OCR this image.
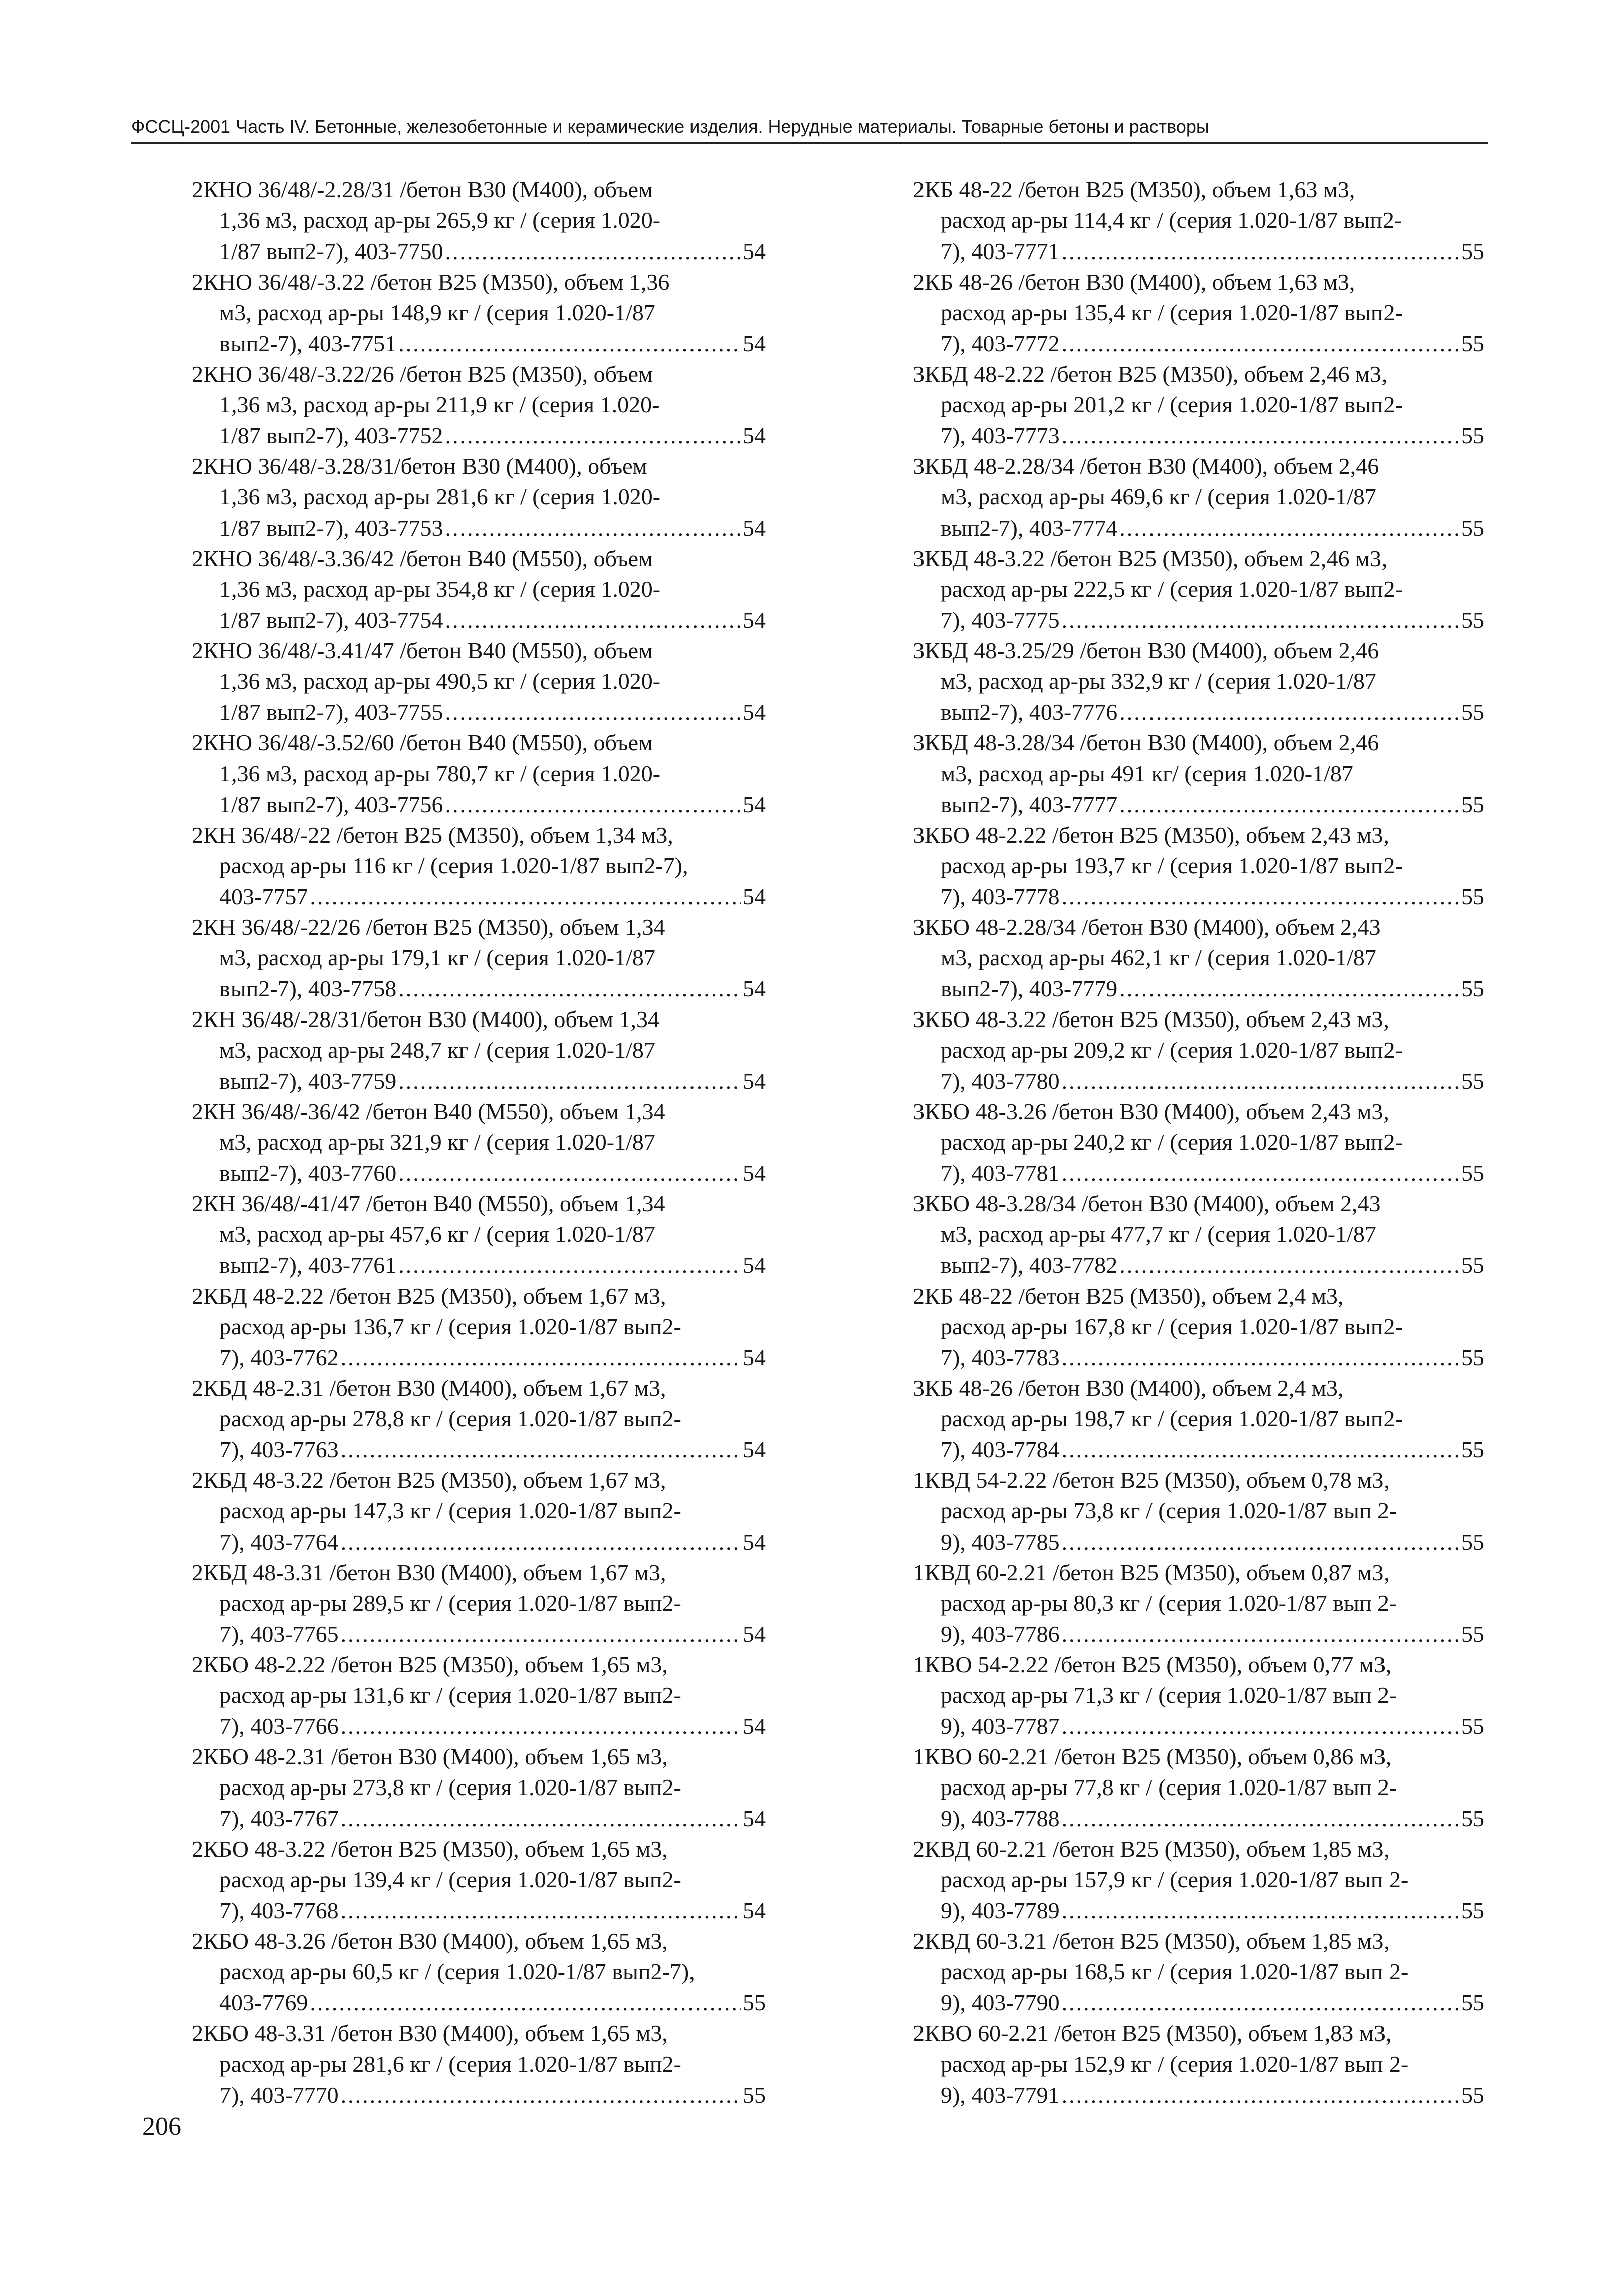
ФССЦ-2001 Часть IV. Бетонные, железобетонные и керамические изделия. Нерудные материалы. Товарные бетоны и растворы
2КНО 36/48/-2.28/31 /бетон В30 (М400), объем
1,36 м3, расход ар-ры 265,9 кг / (серия 1.020-
1/87 вып2-7), 403-7750 .....	54
2КНО 36/48/-3.22 /бетон В25 (М350), объем 1,36
м3, расход ар-ры 148,9 кг / (серия 1.020-1/87
вып2-7), 403-7751 .....	54
2КНО 36/48/-3.22/26 /бетон В25 (М350), объем
1,36 м3, расход ар-ры 211,9 кг / (серия 1.020-
1/87 вып2-7), 403-7752 .....	54
2КНО 36/48/-3.28/31/бетон В30 (М400), объем
1,36 м3, расход ар-ры 281,6 кг / (серия 1.020-
1/87 вып2-7), 403-7753 .....	54
2КНО 36/48/-3.36/42 /бетон В40 (М550), объем
1,36 м3, расход ар-ры 354,8 кг / (серия 1.020-
1/87 вып2-7), 403-7754 .....	54
2КНО 36/48/-3.41/47 /бетон В40 (М550), объем
1,36 м3, расход ар-ры 490,5 кг / (серия 1.020-
1/87 вып2-7), 403-7755 .....	54
2КНО 36/48/-3.52/60 /бетон В40 (М550), объем
1,36 м3, расход ар-ры 780,7 кг / (серия 1.020-
1/87 вып2-7), 403-7756 .....	54
2КН 36/48/-22 /бетон В25 (М350), объем 1,34 м3,
расход ар-ры 116 кг / (серия 1.020-1/87 вып2-7),
403-7757 .....	54
2КН 36/48/-22/26 /бетон В25 (М350), объем 1,34
м3, расход ар-ры 179,1 кг / (серия 1.020-1/87
вып2-7), 403-7758 .....	54
2КН 36/48/-28/31/бетон В30 (М400), объем 1,34
м3, расход ар-ры 248,7 кг / (серия 1.020-1/87
вып2-7), 403-7759 .....	54
2КН 36/48/-36/42 /бетон В40 (М550), объем 1,34
м3, расход ар-ры 321,9 кг / (серия 1.020-1/87
вып2-7), 403-7760 .....	54
2КН 36/48/-41/47 /бетон В40 (М550), объем 1,34
м3, расход ар-ры 457,6 кг / (серия 1.020-1/87
вып2-7), 403-7761 .....	54
2КБД 48-2.22 /бетон В25 (М350), объем 1,67 м3,
расход ар-ры 136,7 кг / (серия 1.020-1/87 вып2-
7), 403-7762 .....	54
2КБД 48-2.31 /бетон В30 (М400), объем 1,67 м3,
расход ар-ры 278,8 кг / (серия 1.020-1/87 вып2-
7), 403-7763 .....	54
2КБД 48-3.22 /бетон В25 (М350), объем 1,67 м3,
расход ар-ры 147,3 кг / (серия 1.020-1/87 вып2-
7), 403-7764 .....	54
2КБД 48-3.31 /бетон В30 (М400), объем 1,67 м3,
расход ар-ры 289,5 кг / (серия 1.020-1/87 вып2-
7), 403-7765 .....	54
2КБО 48-2.22 /бетон В25 (М350), объем 1,65 м3,
расход ар-ры 131,6 кг / (серия 1.020-1/87 вып2-
7), 403-7766 .....	54
2КБО 48-2.31 /бетон В30 (М400), объем 1,65 м3,
расход ар-ры 273,8 кг / (серия 1.020-1/87 вып2-
7), 403-7767 .....	54
2КБО 48-3.22 /бетон В25 (М350), объем 1,65 м3,
расход ар-ры 139,4 кг / (серия 1.020-1/87 вып2-
7), 403-7768 .....	54
2КБО 48-3.26 /бетон В30 (М400), объем 1,65 м3,
расход ар-ры 60,5 кг / (серия 1.020-1/87 вып2-7),
403-7769 .....	55
2КБО 48-3.31 /бетон В30 (М400), объем 1,65 м3,
расход ар-ры 281,6 кг / (серия 1.020-1/87 вып2-
7), 403-7770 .....	55
2КБ 48-22 /бетон В25 (М350), объем 1,63 м3,
расход ар-ры 114,4 кг / (серия 1.020-1/87 вып2-
7), 403-7771 .....	55
2КБ 48-26 /бетон В30 (М400), объем 1,63 м3,
расход ар-ры 135,4 кг / (серия 1.020-1/87 вып2-
7), 403-7772 .....	55
3КБД 48-2.22 /бетон В25 (М350), объем 2,46 м3,
расход ар-ры 201,2 кг / (серия 1.020-1/87 вып2-
7), 403-7773 .....	55
3КБД 48-2.28/34 /бетон В30 (М400), объем 2,46
м3, расход ар-ры 469,6 кг / (серия 1.020-1/87
вып2-7), 403-7774 .....	55
3КБД 48-3.22 /бетон В25 (М350), объем 2,46 м3,
расход ар-ры 222,5 кг / (серия 1.020-1/87 вып2-
7), 403-7775 .....	55
3КБД 48-3.25/29 /бетон В30 (М400), объем 2,46
м3, расход ар-ры 332,9 кг / (серия 1.020-1/87
вып2-7), 403-7776 .....	55
3КБД 48-3.28/34 /бетон В30 (М400), объем 2,46
м3, расход ар-ры 491 кг/ (серия 1.020-1/87
вып2-7), 403-7777 .....	55
3КБО 48-2.22 /бетон В25 (М350), объем 2,43 м3,
расход ар-ры 193,7 кг / (серия 1.020-1/87 вып2-
7), 403-7778 .....	55
3КБО 48-2.28/34 /бетон В30 (М400), объем 2,43
м3, расход ар-ры 462,1 кг / (серия 1.020-1/87
вып2-7), 403-7779 .....	55
3КБО 48-3.22 /бетон В25 (М350), объем 2,43 м3,
расход ар-ры 209,2 кг / (серия 1.020-1/87 вып2-
7), 403-7780 .....	55
3КБО 48-3.26 /бетон В30 (М400), объем 2,43 м3,
расход ар-ры 240,2 кг / (серия 1.020-1/87 вып2-
7), 403-7781 .....	55
3КБО 48-3.28/34 /бетон В30 (М400), объем 2,43
м3, расход ар-ры 477,7 кг / (серия 1.020-1/87
вып2-7), 403-7782 .....	55
2КБ 48-22 /бетон В25 (М350), объем 2,4 м3,
расход ар-ры 167,8 кг / (серия 1.020-1/87 вып2-
7), 403-7783 .....	55
3КБ 48-26 /бетон В30 (М400), объем 2,4 м3,
расход ар-ры 198,7 кг / (серия 1.020-1/87 вып2-
7), 403-7784 .....	55
1КВД 54-2.22 /бетон В25 (М350), объем 0,78 м3,
расход ар-ры 73,8 кг / (серия 1.020-1/87 вып 2-
9), 403-7785 .....	55
1КВД 60-2.21 /бетон В25 (М350), объем 0,87 м3,
расход ар-ры 80,3 кг / (серия 1.020-1/87 вып 2-
9), 403-7786 .....	55
1КВО 54-2.22 /бетон В25 (М350), объем 0,77 м3,
расход ар-ры 71,3 кг / (серия 1.020-1/87 вып 2-
9), 403-7787 .....	55
1КВО 60-2.21 /бетон В25 (М350), объем 0,86 м3,
расход ар-ры 77,8 кг / (серия 1.020-1/87 вып 2-
9), 403-7788 .....	55
2КВД 60-2.21 /бетон В25 (М350), объем 1,85 м3,
расход ар-ры 157,9 кг / (серия 1.020-1/87 вып 2-
9), 403-7789 .....	55
2КВД 60-3.21 /бетон В25 (М350), объем 1,85 м3,
расход ар-ры 168,5 кг / (серия 1.020-1/87 вып 2-
9), 403-7790 .....	55
2КВО 60-2.21 /бетон В25 (М350), объем 1,83 м3,
расход ар-ры 152,9 кг / (серия 1.020-1/87 вып 2-
9), 403-7791 .....	55
206
